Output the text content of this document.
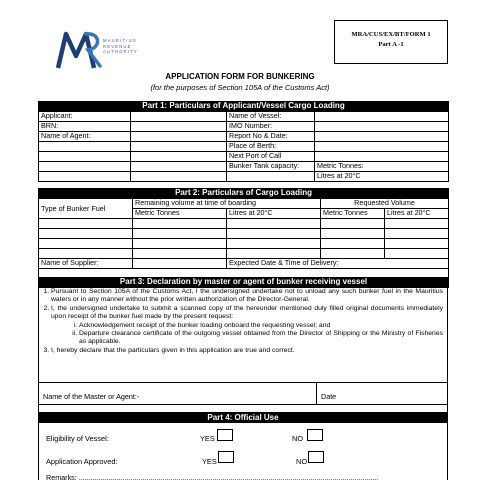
MAURITIUS
REVENUE
AUTHORITY
MRA/CUS/EX/BT/FORM 1
Part A -1
APPLICATION FORM FOR BUNKERING
(for the purposes of Section 105A of the Customs Act)
Part 1: Particulars of Applicant/Vessel Cargo Loading			
Applicant:		Name of Vessel:	
BRN:		IMO Number:	
Name of Agent:		Report No & Date:	
		Place of Berth:	
		Next Port of Call	
		Bunker Tank capacity:	Metric Tonnes:
			Litres at 20°C
Part 2: Particulars of Cargo Loading				
Type of Bunker Fuel	Remaining volume at time of boarding		Requested Volume	
	Metric Tonnes	Litres at 20°C	Metric Tonnes	Litres at 20°C

Name of Supplier:		Expected Date & Time of Delivery:		

Part 3: Declaration by master or agent of bunker receiving vessel				
1. Pursuant to Section 105A of the Customs Act, I the undersigned undertake not to unload any such bunker fuel in the Mauritius waters or in any manner without the prior written authorization of the Director-General.
2. I, the undersigned undertake to submit a scanned copy of the hereunder mentioned duly filled original documents immediately upon receipt of the bunker fuel made by the present request:
i. Acknowledgement receipt of the bunker loading onboard the requesting vessel; and
ii. Departure clearance certificate of the outgoing vessel obtained from the Director of Shipping or the Ministry of Fisheries as applicable.
3. I, hereby declare that the particulars given in this application are true and correct.
Name of the Master or Agent:-	Date
Part 4: Official Use
Eligibility of Vessel:	YES	NO
Application Approved:	YES	NO
Remarks: ......................................................................................................................................................
